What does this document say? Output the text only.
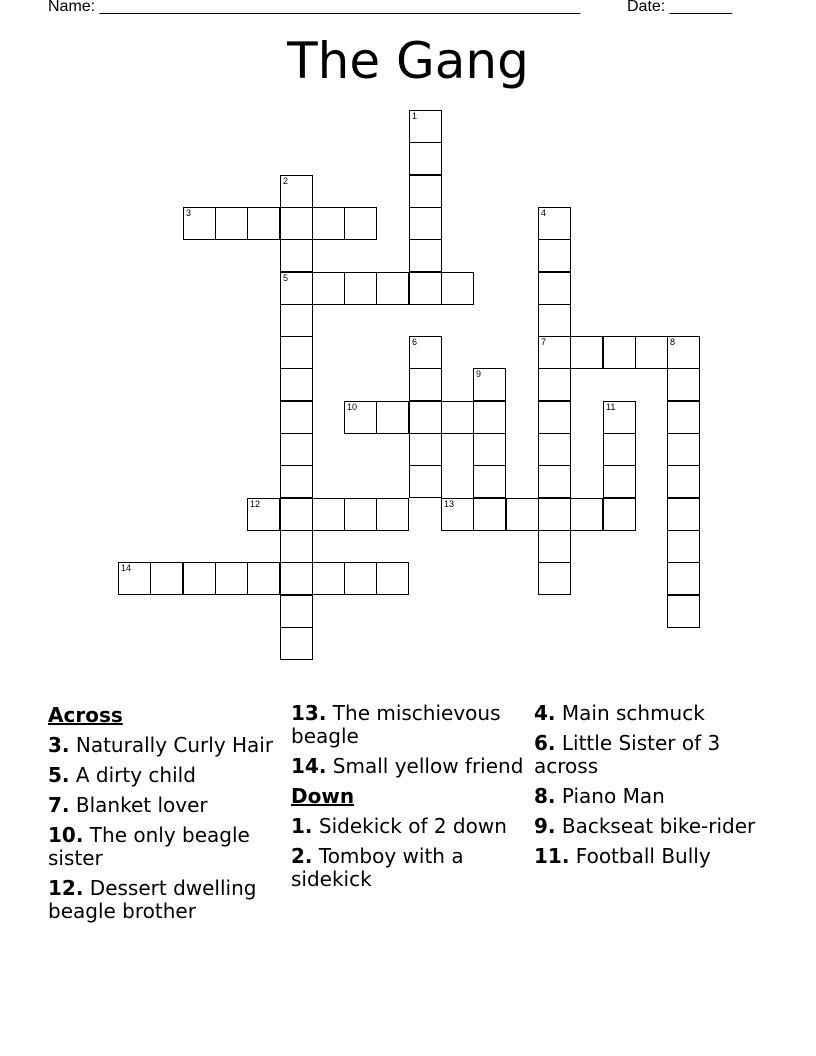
Name: ______________________________________________________	Date: _______
The Gang
1
2
5
3	4
7
6	8
9
10	11
12	13
14
Across
3. Naturally Curly Hair
5. A dirty child
7. Blanket lover
10. The only beagle sister
12. Dessert dwelling beagle brother
13. The mischievous beagle
14. Small yellow friend
Down
1. Sidekick of 2 down
2. Tomboy with a sidekick
4. Main schmuck
6. Little Sister of 3 across
8. Piano Man
9. Backseat bike-rider
11. Football Bully
